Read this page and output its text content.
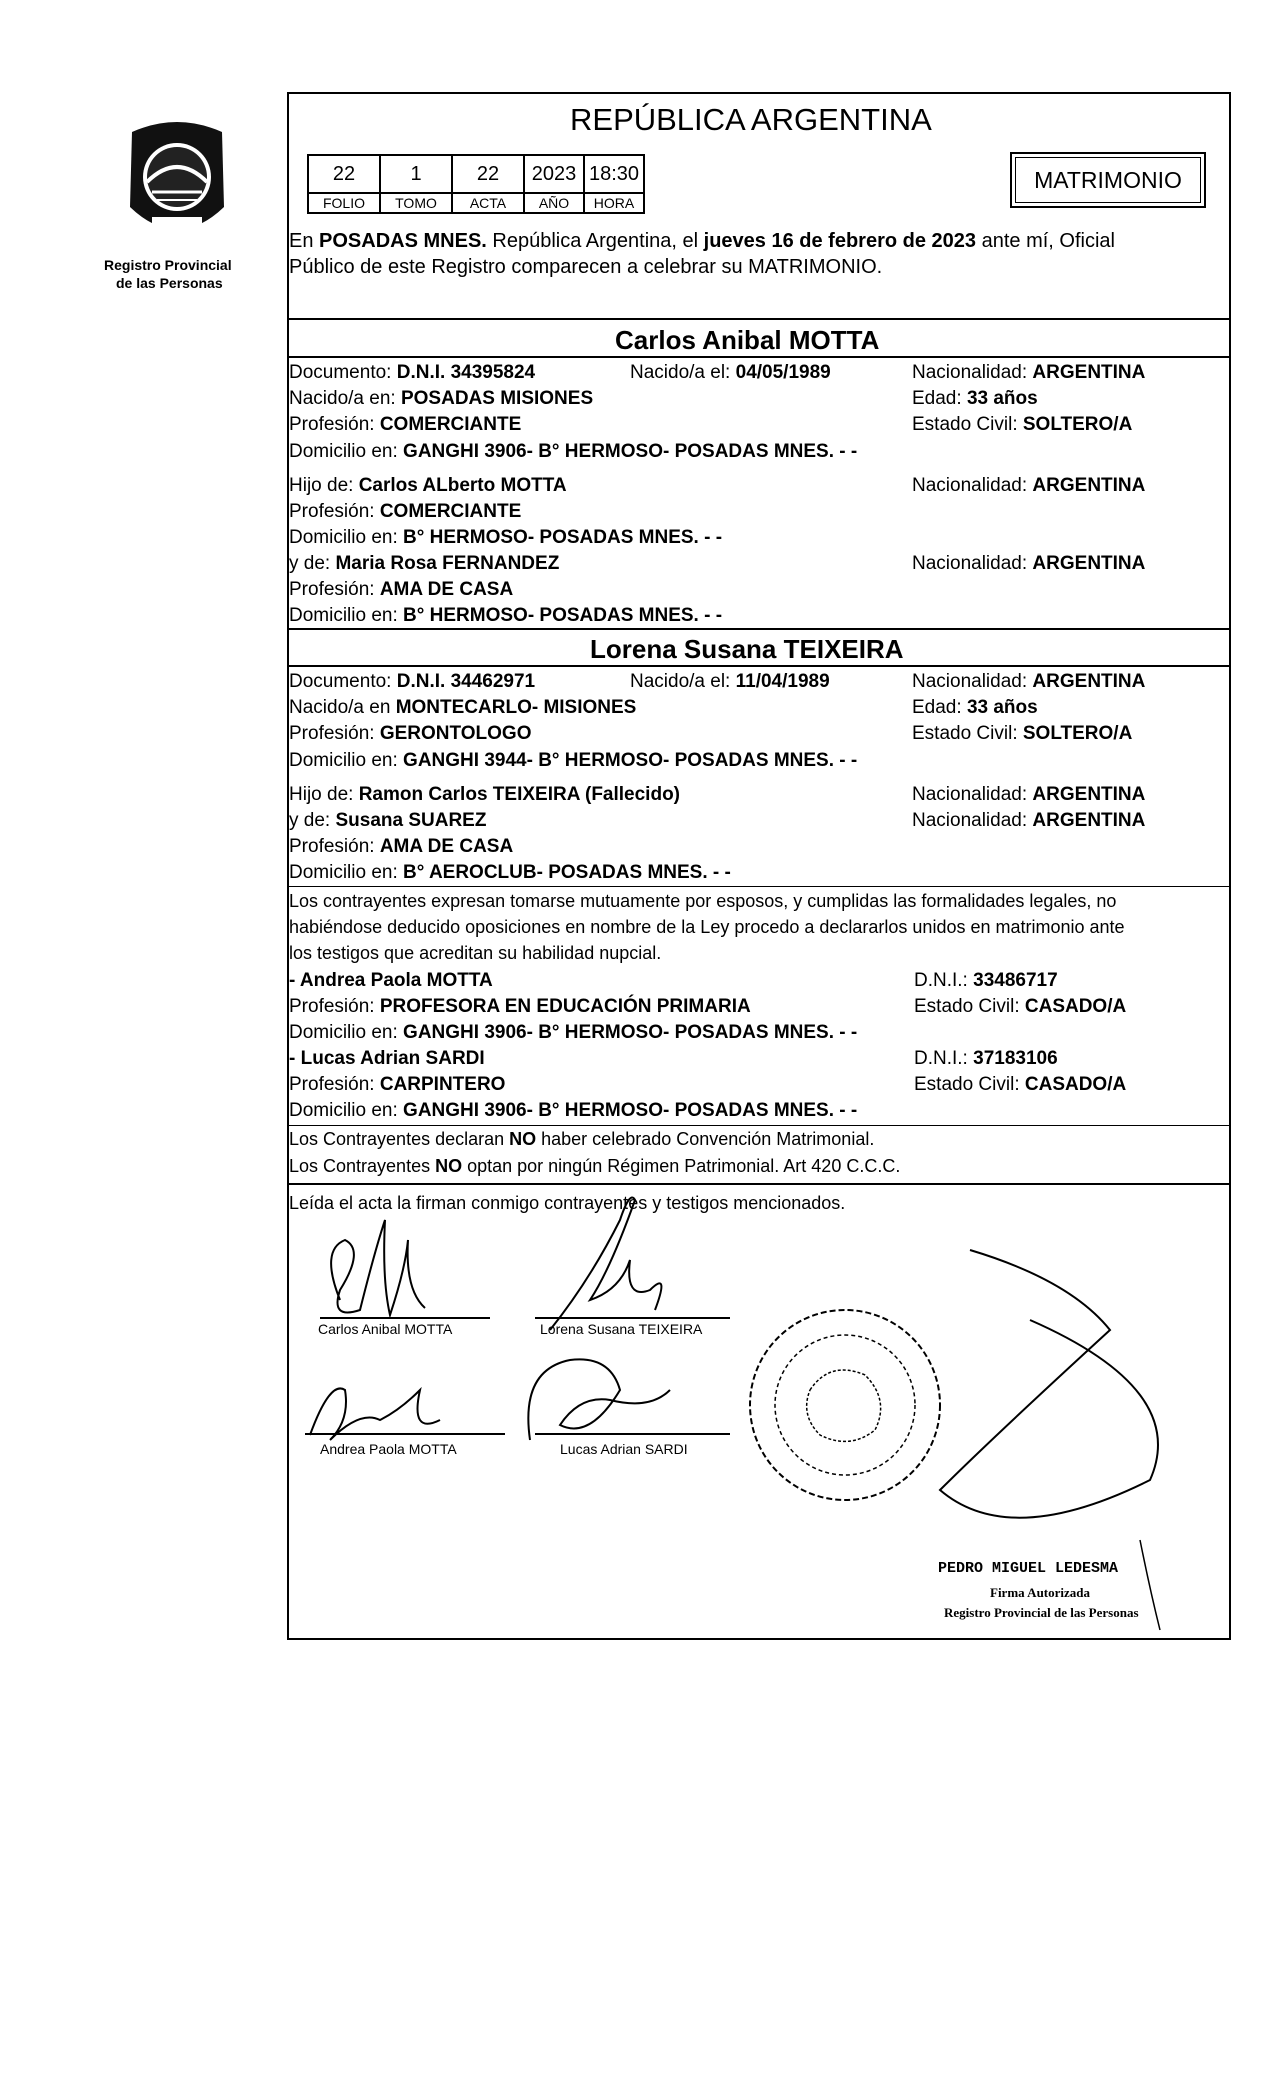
Registro Provincial
de las Personas
REPÚBLICA ARGENTINA
22	1	22	2023	18:30
FOLIO	TOMO	ACTA	AÑO	HORA
MATRIMONIO
En POSADAS MNES. República Argentina, el jueves 16 de febrero de 2023 ante mí, Oficial
Público de este Registro comparecen a celebrar su MATRIMONIO.
Carlos Anibal MOTTA
Documento: D.N.I. 34395824	Nacido/a el: 04/05/1989	Nacionalidad: ARGENTINA
Nacido/a en: POSADAS MISIONES	Edad: 33 años
Profesión: COMERCIANTE	Estado Civil: SOLTERO/A
Domicilio en: GANGHI 3906- B° HERMOSO- POSADAS MNES. - -
Hijo de: Carlos ALberto MOTTA	Nacionalidad: ARGENTINA
Profesión: COMERCIANTE
Domicilio en: B° HERMOSO- POSADAS MNES. - -
y de: Maria Rosa FERNANDEZ	Nacionalidad: ARGENTINA
Profesión: AMA DE CASA
Domicilio en: B° HERMOSO- POSADAS MNES. - -
Lorena Susana TEIXEIRA
Documento: D.N.I. 34462971	Nacido/a el: 11/04/1989	Nacionalidad: ARGENTINA
Nacido/a en MONTECARLO- MISIONES	Edad: 33 años
Profesión: GERONTOLOGO	Estado Civil: SOLTERO/A
Domicilio en: GANGHI 3944- B° HERMOSO- POSADAS MNES. - -
Hijo de: Ramon Carlos TEIXEIRA (Fallecido)	Nacionalidad: ARGENTINA
y de: Susana SUAREZ	Nacionalidad: ARGENTINA
Profesión: AMA DE CASA
Domicilio en: B° AEROCLUB- POSADAS MNES. - -
Los contrayentes expresan tomarse mutuamente por esposos, y cumplidas las formalidades legales, no
habiéndose deducido oposiciones en nombre de la Ley procedo a declararlos unidos en matrimonio ante
los testigos que acreditan su habilidad nupcial.
- Andrea Paola MOTTA	D.N.I.: 33486717
Profesión: PROFESORA EN EDUCACIÓN PRIMARIA	Estado Civil: CASADO/A
Domicilio en: GANGHI 3906- B° HERMOSO- POSADAS MNES. - -
- Lucas Adrian SARDI	D.N.I.: 37183106
Profesión: CARPINTERO	Estado Civil: CASADO/A
Domicilio en: GANGHI 3906- B° HERMOSO- POSADAS MNES. - -
Los Contrayentes declaran NO haber celebrado Convención Matrimonial.
Los Contrayentes NO optan por ningún Régimen Patrimonial. Art 420 C.C.C.
Leída el acta la firman conmigo contrayentes y testigos mencionados.
Carlos Anibal MOTTA	Lorena Susana TEIXEIRA
Andrea Paola MOTTA	Lucas Adrian SARDI
PEDRO MIGUEL LEDESMA
Firma Autorizada
Registro Provincial de las Personas
